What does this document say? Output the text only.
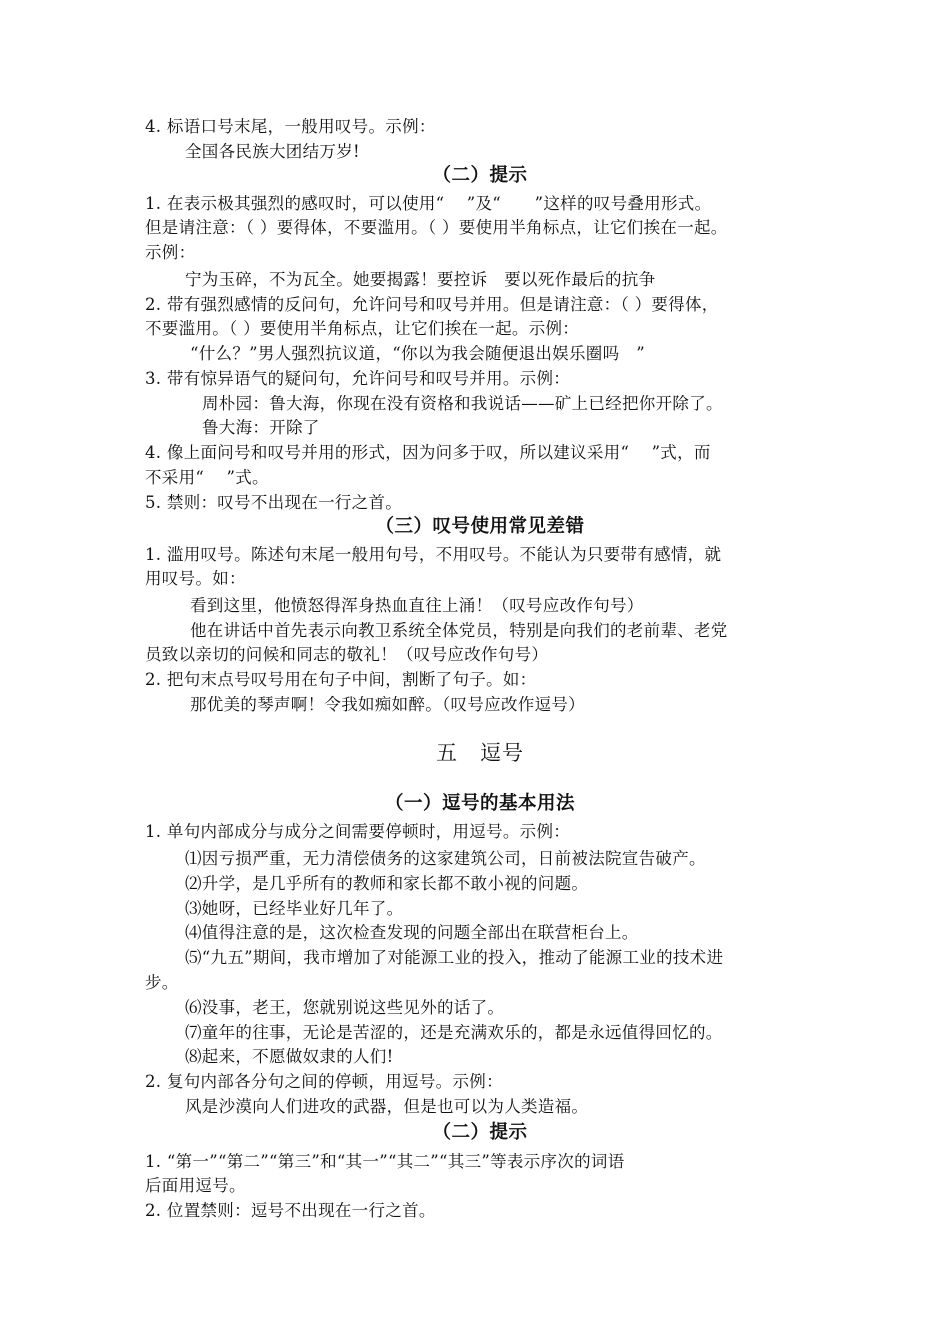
4. 标语口号末尾，一般用叹号。示例：
全国各民族大团结万岁!
（二）提示
1. 在表示极其强烈的感叹时，可以使用“　 ”及“　　”这样的叹号叠用形式。
但是请注意：（ ）要得体，不要滥用。（ ）要使用半角标点，让它们挨在一起。
示例：
宁为玉碎，不为瓦全。她要揭露！要控诉　要以死作最后的抗争
2. 带有强烈感情的反问句，允许问号和叹号并用。但是请注意：（ ）要得体，
不要滥用。（ ）要使用半角标点，让它们挨在一起。示例：
“什么？”男人强烈抗议道，“你以为我会随便退出娱乐圈吗　”
3. 带有惊异语气的疑问句，允许问号和叹号并用。示例：
周朴园：鲁大海，你现在没有资格和我说话——矿上已经把你开除了。
鲁大海：开除了
4. 像上面问号和叹号并用的形式，因为问多于叹，所以建议采用“　 ”式，而
不采用“　 ”式。
5. 禁则：叹号不出现在一行之首。
（三）叹号使用常见差错
1. 滥用叹号。陈述句末尾一般用句号，不用叹号。不能认为只要带有感情，就
用叹号。如：
看到这里，他愤怒得浑身热血直往上涌！（叹号应改作句号）
他在讲话中首先表示向教卫系统全体党员，特别是向我们的老前辈、老党
员致以亲切的问候和同志的敬礼！（叹号应改作句号）
2. 把句末点号叹号用在句子中间，割断了句子。如：
那优美的琴声啊！令我如痴如醉。（叹号应改作逗号）
五　逗号
（一）逗号的基本用法
1. 单句内部成分与成分之间需要停顿时，用逗号。示例：
⑴因亏损严重，无力清偿债务的这家建筑公司，日前被法院宣告破产。
⑵升学，是几乎所有的教师和家长都不敢小视的问题。
⑶她呀，已经毕业好几年了。
⑷值得注意的是，这次检查发现的问题全部出在联营柜台上。
⑸“九五”期间，我市增加了对能源工业的投入，推动了能源工业的技术进
步。
⑹没事，老王，您就别说这些见外的话了。
⑺童年的往事，无论是苦涩的，还是充满欢乐的，都是永远值得回忆的。
⑻起来，不愿做奴隶的人们!
2. 复句内部各分句之间的停顿，用逗号。示例：
风是沙漠向人们进攻的武器，但是也可以为人类造福。
（二）提示
1. “第一”“第二”“第三”和“其一”“其二”“其三”等表示序次的词语
后面用逗号。
2. 位置禁则：逗号不出现在一行之首。
